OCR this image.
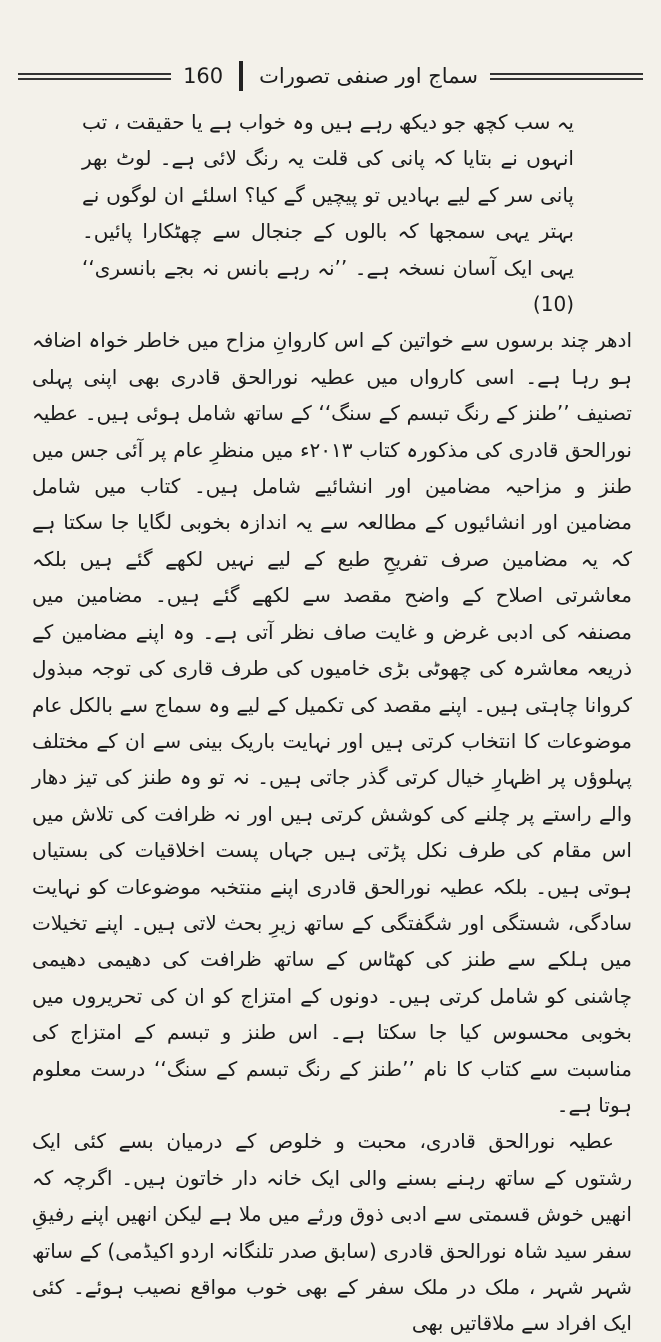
160 سماج اور صنفی تصورات

یہ سب کچھ جو دیکھ رہے ہیں وہ خواب ہے یا حقیقت ، تب انہوں نے بتایا کہ پانی کی قلت یہ رنگ لائی ہے۔ لوٹ بھر پانی سر کے لیے بہادیں تو پیچیں گے کیا؟ اسلئے ان لوگوں نے بہتر یہی سمجھا کہ بالوں کے جنجال سے چھٹکارا پائیں۔ یہی ایک آسان نسخہ ہے۔ ’’نہ رہے بانس نہ بجے بانسری‘‘ (10)

ادھر چند برسوں سے خواتین کے اس کاروانِ مزاح میں خاطر خواہ اضافہ ہو رہا ہے۔ اسی کارواں میں عطیہ نورالحق قادری بھی اپنی پہلی تصنیف ’’طنز کے رنگ تبسم کے سنگ‘‘ کے ساتھ شامل ہوئی ہیں۔ عطیہ نورالحق قادری کی مذکورہ کتاب ۲۰۱۳ء میں منظرِ عام پر آئی جس میں طنز و مزاحیہ مضامین اور انشائیے شامل ہیں۔ کتاب میں شامل مضامین اور انشائیوں کے مطالعہ سے یہ اندازہ بخوبی لگایا جا سکتا ہے کہ یہ مضامین صرف تفریحِ طبع کے لیے نہیں لکھے گئے ہیں بلکہ معاشرتی اصلاح کے واضح مقصد سے لکھے گئے ہیں۔ مضامین میں مصنفہ کی ادبی غرض و غایت صاف نظر آتی ہے۔ وہ اپنے مضامین کے ذریعہ معاشرہ کی چھوٹی بڑی خامیوں کی طرف قاری کی توجہ مبذول کروانا چاہتی ہیں۔ اپنے مقصد کی تکمیل کے لیے وہ سماج سے بالکل عام موضوعات کا انتخاب کرتی ہیں اور نہایت باریک بینی سے ان کے مختلف پہلوؤں پر اظہارِ خیال کرتی گذر جاتی ہیں۔ نہ تو وہ طنز کی تیز دھار والے راستے پر چلنے کی کوشش کرتی ہیں اور نہ ظرافت کی تلاش میں اس مقام کی طرف نکل پڑتی ہیں جہاں پست اخلاقیات کی بستیاں ہوتی ہیں۔ بلکہ عطیہ نورالحق قادری اپنے منتخبہ موضوعات کو نہایت سادگی، شستگی اور شگفتگی کے ساتھ زیرِ بحث لاتی ہیں۔ اپنے تخیلات میں ہلکے سے طنز کی کھٹاس کے ساتھ ظرافت کی دھیمی دھیمی چاشنی کو شامل کرتی ہیں۔ دونوں کے امتزاج کو ان کی تحریروں میں بخوبی محسوس کیا جا سکتا ہے۔ اس طنز و تبسم کے امتزاج کی مناسبت سے کتاب کا نام ’’طنز کے رنگ تبسم کے سنگ‘‘ درست معلوم ہوتا ہے۔

عطیہ نورالحق قادری، محبت و خلوص کے درمیان بسے کئی ایک رشتوں کے ساتھ رہنے بسنے والی ایک خانہ دار خاتون ہیں۔ اگرچہ کہ انھیں خوش قسمتی سے ادبی ذوق ورثے میں ملا ہے لیکن انھیں اپنے رفیقِ سفر سید شاہ نورالحق قادری (سابق صدر تلنگانہ اردو اکیڈمی) کے ساتھ شہر شہر ، ملک در ملک سفر کے بھی خوب مواقع نصیب ہوئے۔ کئی ایک افراد سے ملاقاتیں بھی
